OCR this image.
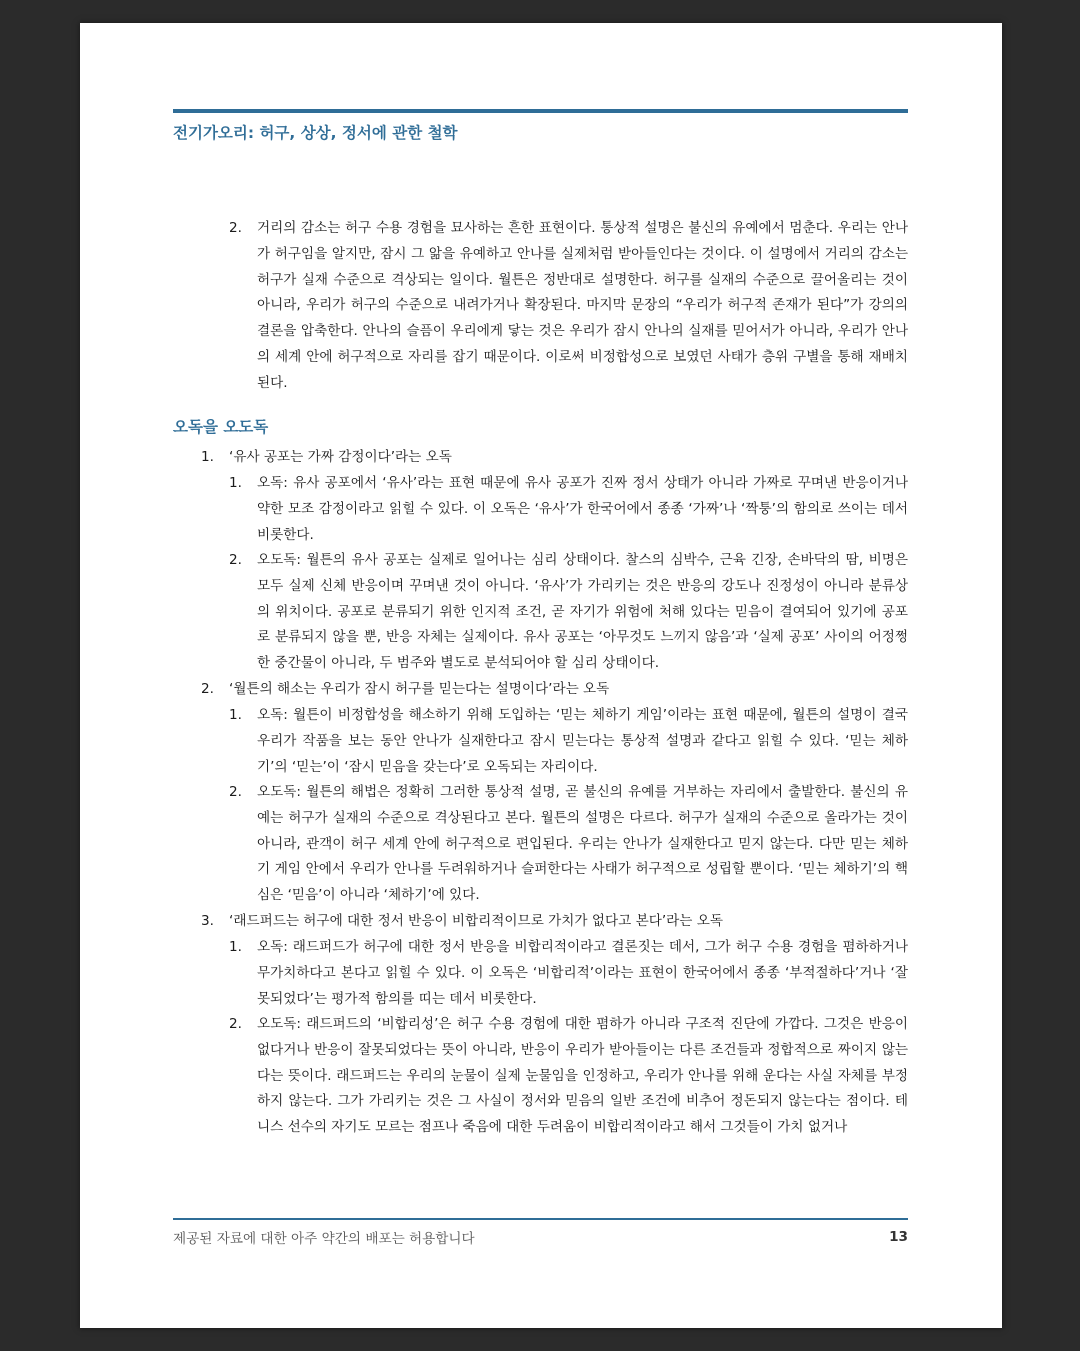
전기가오리: 허구, 상상, 정서에 관한 철학
2. 거리의 감소는 허구 수용 경험을 묘사하는 흔한 표현이다. 통상적 설명은 불신의 유예에서 멈춘다. 우리는 안나가 허구임을 알지만, 잠시 그 앎을 유예하고 안나를 실제처럼 받아들인다는 것이다. 이 설명에서 거리의 감소는 허구가 실재 수준으로 격상되는 일이다. 월튼은 정반대로 설명한다. 허구를 실재의 수준으로 끌어올리는 것이 아니라, 우리가 허구의 수준으로 내려가거나 확장된다. 마지막 문장의 “우리가 허구적 존재가 된다”가 강의의 결론을 압축한다. 안나의 슬픔이 우리에게 닿는 것은 우리가 잠시 안나의 실재를 믿어서가 아니라, 우리가 안나의 세계 안에 허구적으로 자리를 잡기 때문이다. 이로써 비정합성으로 보였던 사태가 층위 구별을 통해 재배치된다.

오독을 오도독
1. ‘유사 공포는 가짜 감정이다’라는 오독
1. 오독: 유사 공포에서 ‘유사’라는 표현 때문에 유사 공포가 진짜 정서 상태가 아니라 가짜로 꾸며낸 반응이거나 약한 모조 감정이라고 읽힐 수 있다. 이 오독은 ‘유사’가 한국어에서 종종 ‘가짜’나 ‘짝퉁’의 함의로 쓰이는 데서 비롯한다.

2. 오도독: 월튼의 유사 공포는 실제로 일어나는 심리 상태이다. 찰스의 심박수, 근육 긴장, 손바닥의 땀, 비명은 모두 실제 신체 반응이며 꾸며낸 것이 아니다. ‘유사’가 가리키는 것은 반응의 강도나 진정성이 아니라 분류상의 위치이다. 공포로 분류되기 위한 인지적 조건, 곧 자기가 위험에 처해 있다는 믿음이 결여되어 있기에 공포로 분류되지 않을 뿐, 반응 자체는 실제이다. 유사 공포는 ‘아무것도 느끼지 않음’과 ‘실제 공포’ 사이의 어정쩡한 중간물이 아니라, 두 범주와 별도로 분석되어야 할 심리 상태이다.

2. ‘월튼의 해소는 우리가 잠시 허구를 믿는다는 설명이다’라는 오독
1. 오독: 월튼이 비정합성을 해소하기 위해 도입하는 ‘믿는 체하기 게임’이라는 표현 때문에, 월튼의 설명이 결국 우리가 작품을 보는 동안 안나가 실재한다고 잠시 믿는다는 통상적 설명과 같다고 읽힐 수 있다. ‘믿는 체하기’의 ‘믿는’이 ‘잠시 믿음을 갖는다’로 오독되는 자리이다.

2. 오도독: 월튼의 해법은 정확히 그러한 통상적 설명, 곧 불신의 유예를 거부하는 자리에서 출발한다. 불신의 유예는 허구가 실재의 수준으로 격상된다고 본다. 월튼의 설명은 다르다. 허구가 실재의 수준으로 올라가는 것이 아니라, 관객이 허구 세계 안에 허구적으로 편입된다. 우리는 안나가 실재한다고 믿지 않는다. 다만 믿는 체하기 게임 안에서 우리가 안나를 두려워하거나 슬퍼한다는 사태가 허구적으로 성립할 뿐이다. ‘믿는 체하기’의 핵심은 ‘믿음’이 아니라 ‘체하기’에 있다.

3. ‘래드퍼드는 허구에 대한 정서 반응이 비합리적이므로 가치가 없다고 본다’라는 오독
1. 오독: 래드퍼드가 허구에 대한 정서 반응을 비합리적이라고 결론짓는 데서, 그가 허구 수용 경험을 폄하하거나 무가치하다고 본다고 읽힐 수 있다. 이 오독은 ‘비합리적’이라는 표현이 한국어에서 종종 ‘부적절하다’거나 ‘잘못되었다’는 평가적 함의를 띠는 데서 비롯한다.

2. 오도독: 래드퍼드의 ‘비합리성’은 허구 수용 경험에 대한 폄하가 아니라 구조적 진단에 가깝다. 그것은 반응이 없다거나 반응이 잘못되었다는 뜻이 아니라, 반응이 우리가 받아들이는 다른 조건들과 정합적으로 짜이지 않는다는 뜻이다. 래드퍼드는 우리의 눈물이 실제 눈물임을 인정하고, 우리가 안나를 위해 운다는 사실 자체를 부정하지 않는다. 그가 가리키는 것은 그 사실이 정서와 믿음의 일반 조건에 비추어 정돈되지 않는다는 점이다. 테니스 선수의 자기도 모르는 점프나 죽음에 대한 두려움이 비합리적이라고 해서 그것들이 가치 없거나

제공된 자료에 대한 아주 약간의 배포는 허용합니다	13
